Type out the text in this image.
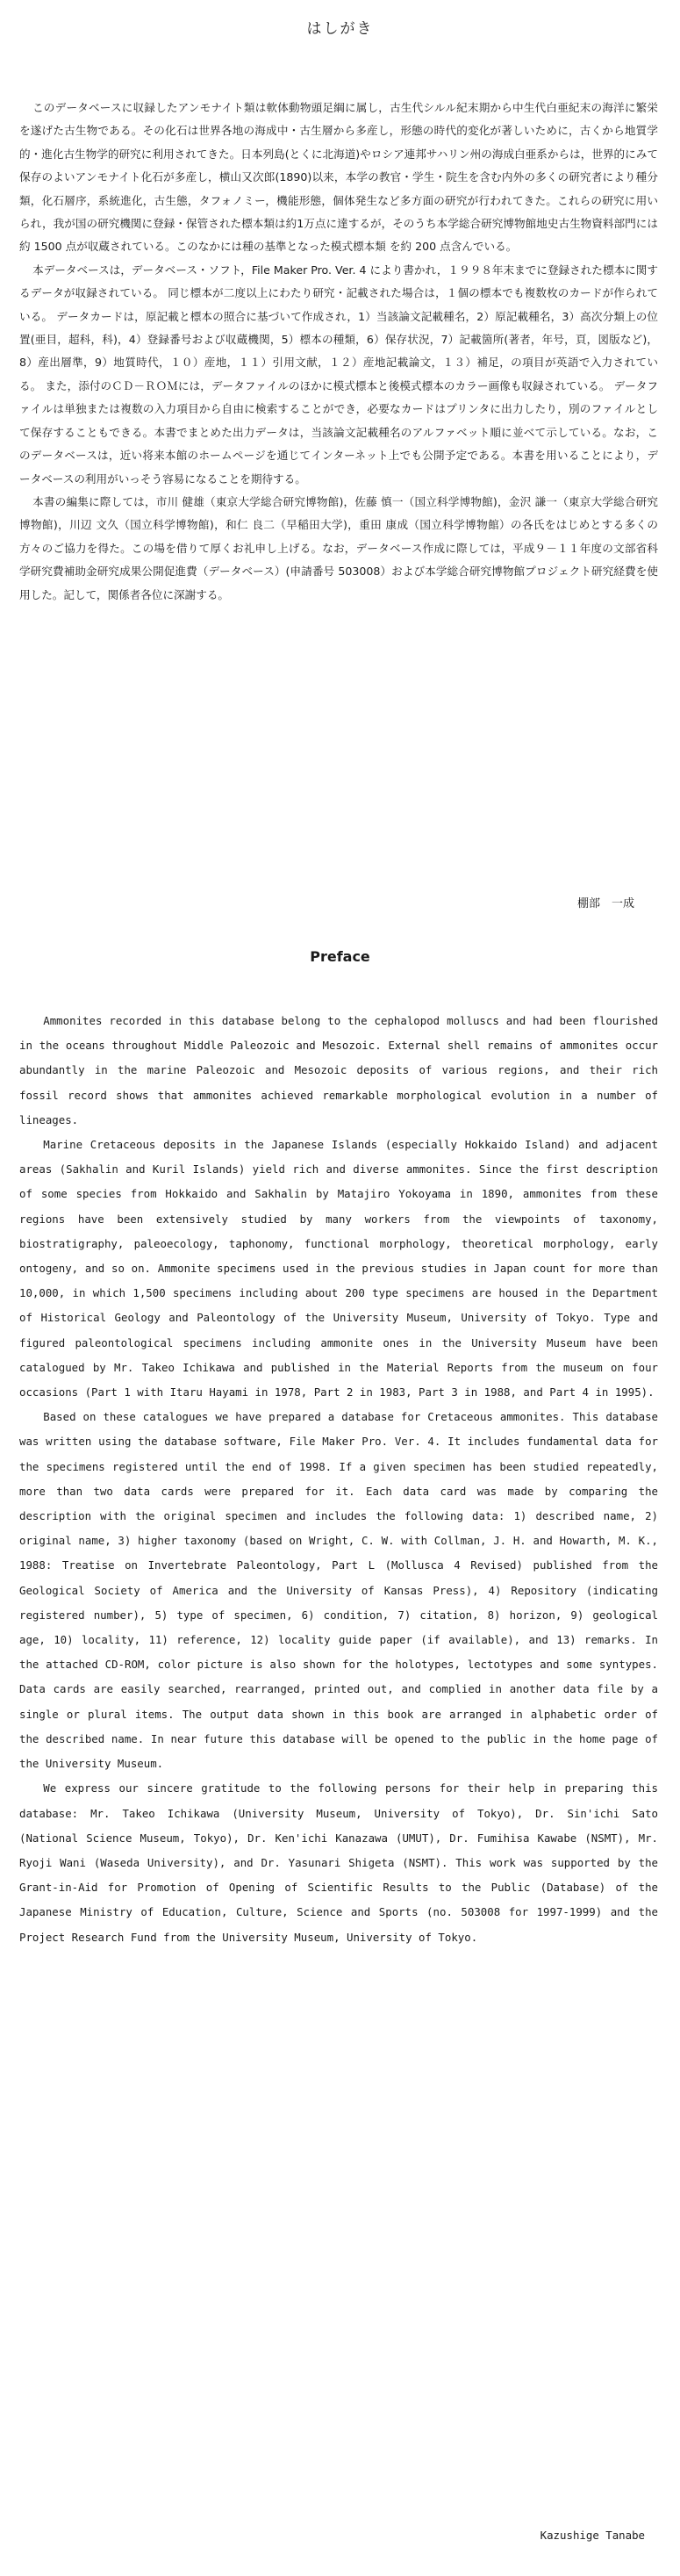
はしがき

このデータベースに収録したアンモナイト類は軟体動物頭足綱に属し，古生代シルル紀末期から中生代白亜紀末の海洋に繁栄を遂げた古生物である。その化石は世界各地の海成中・古生層から多産し，形態の時代的変化が著しいために，古くから地質学的・進化古生物学的研究に利用されてきた。日本列島(とくに北海道)やロシア連邦サハリン州の海成白亜系からは，世界的にみて保存のよいアンモナイト化石が多産し，横山又次郎(1890)以来，本学の教官・学生・院生を含む内外の多くの研究者により種分類，化石層序，系統進化，古生態，タフォノミー，機能形態，個体発生など多方面の研究が行われてきた。これらの研究に用いられ，我が国の研究機関に登録・保管された標本類は約1万点に達するが，そのうち本学総合研究博物館地史古生物資料部門には約 1500 点が収蔵されている。このなかには種の基準となった模式標本類 を約 200 点含んでいる。

本データベースは，データベース・ソフト，File Maker Pro. Ver. 4 により書かれ，１９９８年末までに登録された標本に関するデータが収録されている。 同じ標本が二度以上にわたり研究・記載された場合は，１個の標本でも複数枚のカードが作られている。 データカードは，原記載と標本の照合に基づいて作成され，1）当該論文記載種名，2）原記載種名，3）高次分類上の位置(亜目，超科，科)，4）登録番号および収蔵機関，5）標本の種類，6）保存状況，7）記載箇所(著者，年号，頁，図版など)，8）産出層準，9）地質時代，１０）産地，１１）引用文献，１２）産地記載論文，１３）補足，の項目が英語で入力されている。 また，添付のＣＤ－ＲＯＭには，データファイルのほかに模式標本と後模式標本のカラー画像も収録されている。 データファイルは単独または複数の入力項目から自由に検索することができ，必要なカードはプリンタに出力したり，別のファイルとして保存することもできる。本書でまとめた出力データは，当該論文記載種名のアルファベット順に並べて示している。なお，このデータベースは，近い将来本館のホームページを通じてインターネット上でも公開予定である。本書を用いることにより，データベースの利用がいっそう容易になることを期待する。

本書の編集に際しては，市川 健雄（東京大学総合研究博物館)，佐藤 慎一（国立科学博物館)，金沢 謙一（東京大学総合研究博物館)，川辺 文久（国立科学博物館)，和仁 良二（早稲田大学)，重田 康成（国立科学博物館）の各氏をはじめとする多くの方々のご協力を得た。この場を借りて厚くお礼申し上げる。なお，データベース作成に際しては，平成９－１１年度の文部省科学研究費補助金研究成果公開促進費（データベース）(申請番号 503008）および本学総合研究博物館プロジェクト研究経費を使用した。記して，関係者各位に深謝する。

棚部　一成
Preface

Ammonites recorded in this database belong to the cephalopod molluscs and had been flourished in the oceans throughout Middle Paleozoic and Mesozoic. External shell remains of ammonites occur abundantly in the marine Paleozoic and Mesozoic deposits of various regions, and their rich fossil record shows that ammonites achieved remarkable morphological evolution in a number of lineages.

Marine Cretaceous deposits in the Japanese Islands (especially Hokkaido Island) and adjacent areas (Sakhalin and Kuril Islands) yield rich and diverse ammonites. Since the first description of some species from Hokkaido and Sakhalin by Matajiro Yokoyama in 1890, ammonites from these regions have been extensively studied by many workers from the viewpoints of taxonomy, biostratigraphy, paleoecology, taphonomy, functional morphology, theoretical morphology, early ontogeny, and so on. Ammonite specimens used in the previous studies in Japan count for more than 10,000, in which 1,500 specimens including about 200 type specimens are housed in the Department of Historical Geology and Paleontology of the University Museum, University of Tokyo. Type and figured paleontological specimens including ammonite ones in the University Museum have been catalogued by Mr. Takeo Ichikawa and published in the Material Reports from the museum on four occasions (Part 1 with Itaru Hayami in 1978, Part 2 in 1983, Part 3 in 1988, and Part 4 in 1995).

Based on these catalogues we have prepared a database for Cretaceous ammonites. This database was written using the database software, File Maker Pro. Ver. 4. It includes fundamental data for the specimens registered until the end of 1998. If a given specimen has been studied repeatedly, more than two data cards were prepared for it. Each data card was made by comparing the description with the original specimen and includes the following data: 1) described name, 2) original name, 3) higher taxonomy (based on Wright, C. W. with Collman, J. H. and Howarth, M. K., 1988: Treatise on Invertebrate Paleontology, Part L (Mollusca 4 Revised) published from the Geological Society of America and the University of Kansas Press), 4) Repository (indicating registered number), 5) type of specimen, 6) condition, 7) citation, 8) horizon, 9) geological age, 10) locality, 11) reference, 12) locality guide paper (if available), and 13) remarks. In the attached CD-ROM, color picture is also shown for the holotypes, lectotypes and some syntypes. Data cards are easily searched, rearranged, printed out, and complied in another data file by a single or plural items. The output data shown in this book are arranged in alphabetic order of the described name. In near future this database will be opened to the public in the home page of the University Museum.

We express our sincere gratitude to the following persons for their help in preparing this database: Mr. Takeo Ichikawa (University Museum, University of Tokyo), Dr. Sin'ichi Sato (National Science Museum, Tokyo), Dr. Ken'ichi Kanazawa (UMUT), Dr. Fumihisa Kawabe (NSMT), Mr. Ryoji Wani (Waseda University), and Dr. Yasunari Shigeta (NSMT). This work was supported by the Grant-in-Aid for Promotion of Opening of Scientific Results to the Public (Database) of the Japanese Ministry of Education, Culture, Science and Sports (no. 503008 for 1997-1999) and the Project Research Fund from the University Museum, University of Tokyo.

Kazushige Tanabe
